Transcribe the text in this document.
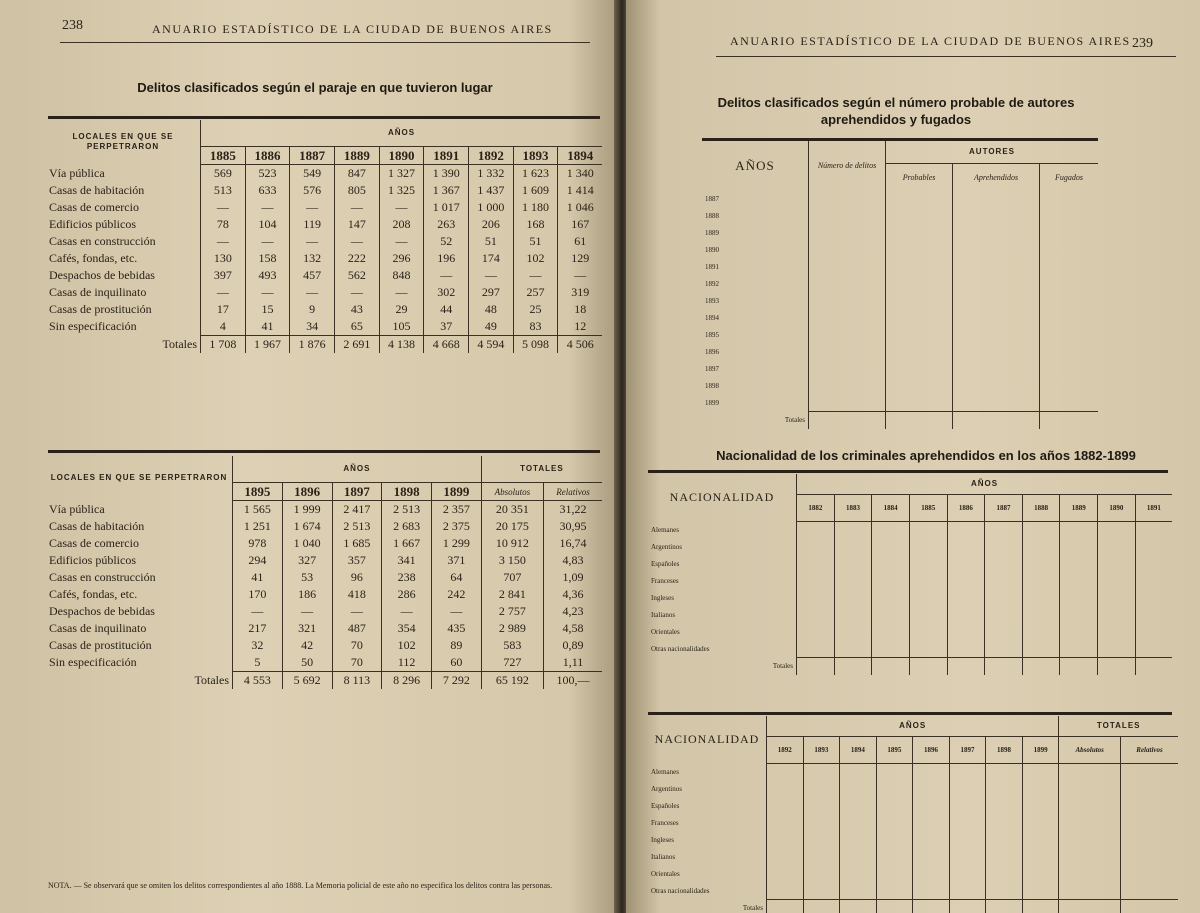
238	ANUARIO ESTADÍSTICO DE LA CIUDAD DE BUENOS AIRES
Delitos clasificados según el paraje en que tuvieron lugar
LOCALES EN QUE SE PERPETRARON	AÑOS								
	1885	1886	1887	1889	1890	1891	1892	1893	1894
Vía pública	569	523	549	847	1 327	1 390	1 332	1 623	1 340
Casas de habitación	513	633	576	805	1 325	1 367	1 437	1 609	1 414
Casas de comercio	—	—	—	—	—	1 017	1 000	1 180	1 046
Edificios públicos	78	104	119	147	208	263	206	168	167
Casas en construcción	—	—	—	—	—	52	51	51	61
Cafés, fondas, etc.	130	158	132	222	296	196	174	102	129
Despachos de bebidas	397	493	457	562	848	—	—	—	—
Casas de inquilinato	—	—	—	—	—	302	297	257	319
Casas de prostitución	17	15	9	43	29	44	48	25	18
Sin especificación	4	41	34	65	105	37	49	83	12
Totales	1 708	1 967	1 876	2 691	4 138	4 668	4 594	5 098	4 506
LOCALES EN QUE SE PERPETRARON	AÑOS					TOTALES	
	1895	1896	1897	1898	1899	Absolutos	Relativos
Vía pública	1 565	1 999	2 417	2 513	2 357	20 351	31,22
Casas de habitación	1 251	1 674	2 513	2 683	2 375	20 175	30,95
Casas de comercio	978	1 040	1 685	1 667	1 299	10 912	16,74
Edificios públicos	294	327	357	341	371	3 150	4,83
Casas en construcción	41	53	96	238	64	707	1,09
Cafés, fondas, etc.	170	186	418	286	242	2 841	4,36
Despachos de bebidas	—	—	—	—	—	2 757	4,23
Casas de inquilinato	217	321	487	354	435	2 989	4,58
Casas de prostitución	32	42	70	102	89	583	0,89
Sin especificación	5	50	70	112	60	727	1,11
Totales	4 553	5 692	8 113	8 296	7 292	65 192	100,—
NOTA. — Se observará que se omiten los delitos correspondientes al año 1888. La Memoria policial de este año no especifica los delitos contra las personas.
ANUARIO ESTADÍSTICO DE LA CIUDAD DE BUENOS AIRES 239
Delitos clasificados según el número probable de autores aprehendidos y fugados
AÑOS	Número de delitos	AUTORES		
		Probables	Aprehendidos	Fugados
1887				
1888				
1889				
1890				
1891				
1892				
1893				
1894				
1895				
1896				
1897				
1898				
1899				
Totales				
Nacionalidad de los criminales aprehendidos en los años 1882-1899
NACIONALIDAD	AÑOS									
	1882	1883	1884	1885	1886	1887	1888	1889	1890	1891
Alemanes										
Argentinos										
Españoles										
Franceses										
Ingleses										
Italianos										
Orientales										
Otras nacionalidades										
Totales										
NACIONALIDAD	AÑOS								TOTALES	
	1892	1893	1894	1895	1896	1897	1898	1899	Absolutos	Relativos
Alemanes										
Argentinos										
Españoles										
Franceses										
Ingleses										
Italianos										
Orientales										
Otras nacionalidades										
Totales										
